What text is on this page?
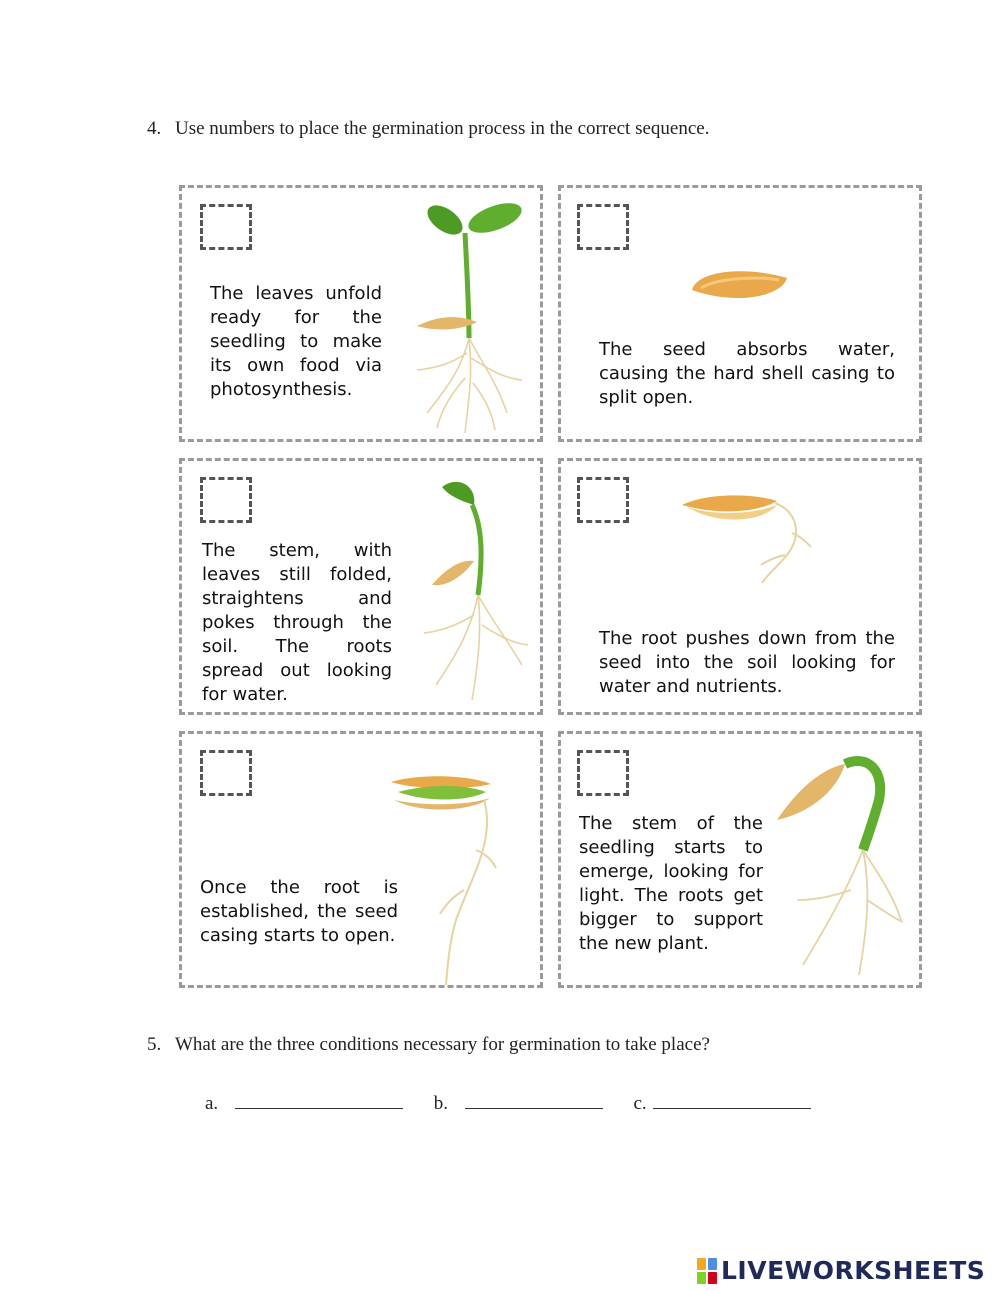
4. Use numbers to place the germination process in the correct sequence.
The leaves unfold ready for the seedling to make its own food via photosynthesis.
The seed absorbs water, causing the hard shell casing to split open.
The stem, with leaves still folded, straightens and pokes through the soil. The roots spread out looking for water.
The root pushes down from the seed into the soil looking for water and nutrients.
Once the root is established, the seed casing starts to open.
The stem of the seedling starts to emerge, looking for light. The roots get bigger to support the new plant.
5. What are the three conditions necessary for germination to take place?
a.	b.	c.
LIVEWORKSHEETS
